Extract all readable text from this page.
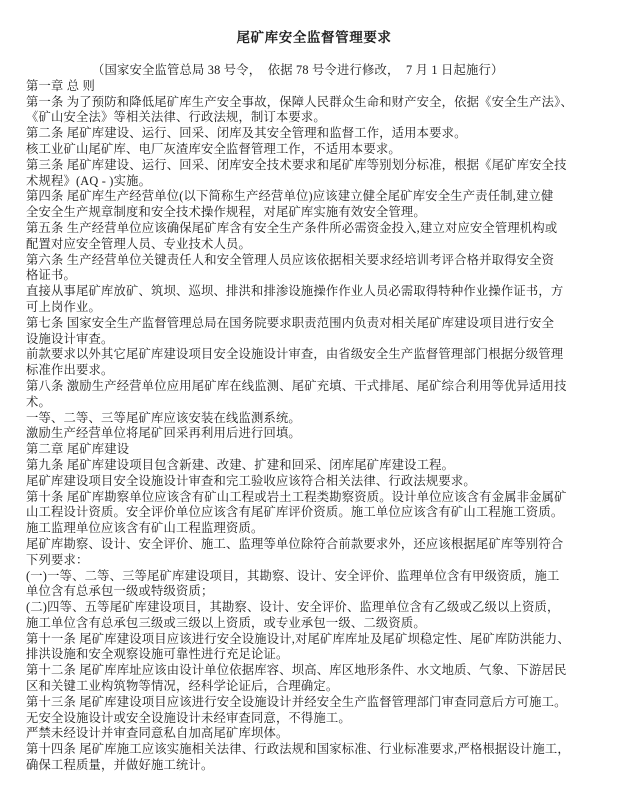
尾矿库安全监督管理要求
（国家安全监管总局 38 号令，  依据 78 号令进行修改，  7 月 1 日起施行）
第一章 总 则
第一条 为了预防和降低尾矿库生产安全事故，保障人民群众生命和财产安全，依据《安全生产法》、
《矿山安全法》等相关法律、行政法规，制订本要求。
第二条 尾矿库建设、运行、回采、闭库及其安全管理和监督工作，适用本要求。
核工业矿山尾矿库、电厂灰渣库安全监督管理工作，不适用本要求。
第三条 尾矿库建设、运行、回采、闭库安全技术要求和尾矿库等别划分标准，根据《尾矿库安全技
术规程》(AQ - )实施。
第四条 尾矿库生产经营单位(以下简称生产经营单位)应该建立健全尾矿库安全生产责任制,建立健
全安全生产规章制度和安全技术操作规程，对尾矿库实施有效安全管理。
第五条 生产经营单位应该确保尾矿库含有安全生产条件所必需资金投入,建立对应安全管理机构或
配置对应安全管理人员、专业技术人员。
第六条 生产经营单位关键责任人和安全管理人员应该依据相关要求经培训考评合格并取得安全资
格证书。
直接从事尾矿库放矿、筑坝、巡坝、排洪和排渗设施操作作业人员必需取得特种作业操作证书，方
可上岗作业。
第七条 国家安全生产监督管理总局在国务院要求职责范围内负责对相关尾矿库建设项目进行安全
设施设计审查。
前款要求以外其它尾矿库建设项目安全设施设计审查，由省级安全生产监督管理部门根据分级管理
标准作出要求。
第八条 激励生产经营单位应用尾矿库在线监测、尾矿充填、干式排尾、尾矿综合利用等优异适用技
术。
一等、二等、三等尾矿库应该安装在线监测系统。
激励生产经营单位将尾矿回采再利用后进行回填。
第二章 尾矿库建设
第九条 尾矿库建设项目包含新建、改建、扩建和回采、闭库尾矿库建设工程。
尾矿库建设项目安全设施设计审查和完工验收应该符合相关法律、行政法规要求。
第十条 尾矿库勘察单位应该含有矿山工程或岩土工程类勘察资质。设计单位应该含有金属非金属矿
山工程设计资质。安全评价单位应该含有尾矿库评价资质。施工单位应该含有矿山工程施工资质。
施工监理单位应该含有矿山工程监理资质。
尾矿库勘察、设计、安全评价、施工、监理等单位除符合前款要求外，还应该根据尾矿库等别符合
下列要求：
(一)一等、二等、三等尾矿库建设项目，其勘察、设计、安全评价、监理单位含有甲级资质，施工
单位含有总承包一级或特级资质；
(二)四等、五等尾矿库建设项目，其勘察、设计、安全评价、监理单位含有乙级或乙级以上资质，
施工单位含有总承包三级或三级以上资质，或专业承包一级、二级资质。
第十一条 尾矿库建设项目应该进行安全设施设计,对尾矿库库址及尾矿坝稳定性、尾矿库防洪能力、
排洪设施和安全观察设施可靠性进行充足论证。
第十二条 尾矿库库址应该由设计单位依据库容、坝高、库区地形条件、水文地质、气象、下游居民
区和关键工业构筑物等情况，经科学论证后，合理确定。
第十三条 尾矿库建设项目应该进行安全设施设计并经安全生产监督管理部门审查同意后方可施工。
无安全设施设计或安全设施设计未经审查同意，不得施工。
严禁未经设计并审查同意私自加高尾矿库坝体。
第十四条 尾矿库施工应该实施相关法律、行政法规和国家标准、行业标准要求,严格根据设计施工，
确保工程质量，并做好施工统计。
